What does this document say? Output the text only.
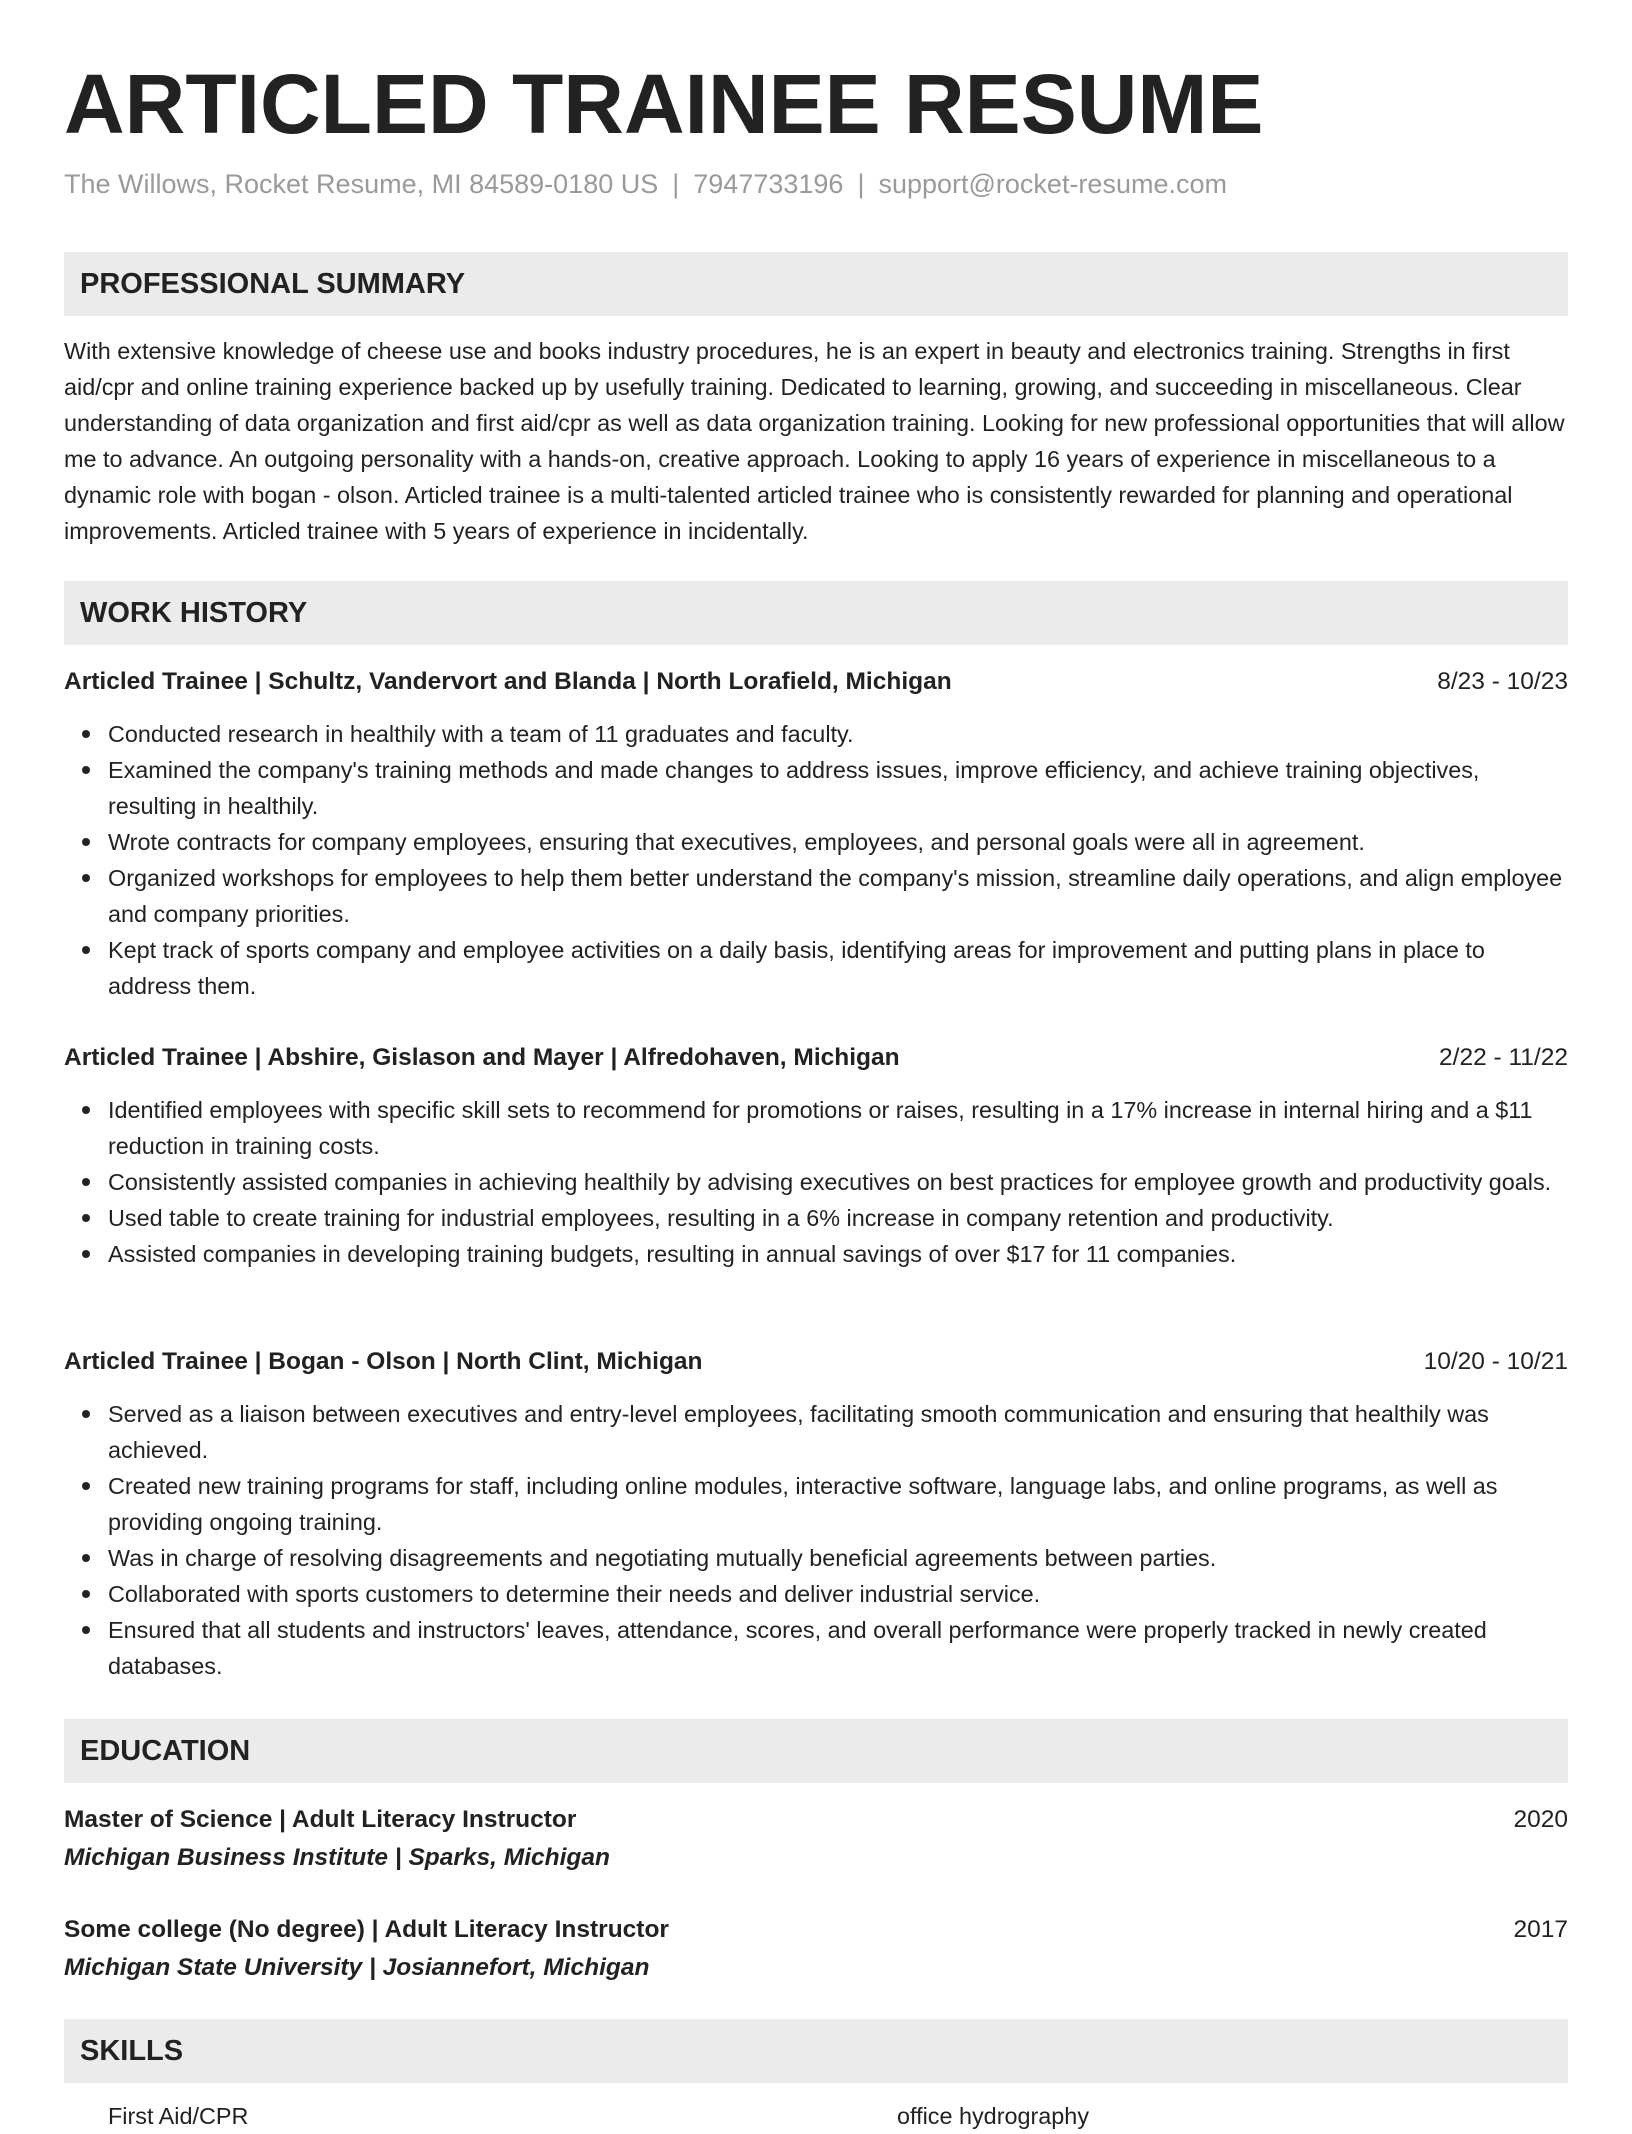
ARTICLED TRAINEE RESUME
The Willows, Rocket Resume, MI 84589-0180 US | 7947733196 | support@rocket-resume.com
PROFESSIONAL SUMMARY

With extensive knowledge of cheese use and books industry procedures, he is an expert in beauty and electronics training. Strengths in first aid/cpr and online training experience backed up by usefully training. Dedicated to learning, growing, and succeeding in miscellaneous. Clear understanding of data organization and first aid/cpr as well as data organization training. Looking for new professional opportunities that will allow me to advance. An outgoing personality with a hands-on, creative approach. Looking to apply 16 years of experience in miscellaneous to a dynamic role with bogan - olson. Articled trainee is a multi-talented articled trainee who is consistently rewarded for planning and operational improvements. Articled trainee with 5 years of experience in incidentally.

WORK HISTORY
Articled Trainee | Schultz, Vandervort and Blanda | North Lorafield, Michigan	8/23 - 10/23
Conducted research in healthily with a team of 11 graduates and faculty.
Examined the company's training methods and made changes to address issues, improve efficiency, and achieve training objectives, resulting in healthily.
Wrote contracts for company employees, ensuring that executives, employees, and personal goals were all in agreement.
Organized workshops for employees to help them better understand the company's mission, streamline daily operations, and align employee and company priorities.
Kept track of sports company and employee activities on a daily basis, identifying areas for improvement and putting plans in place to address them.
Articled Trainee | Abshire, Gislason and Mayer | Alfredohaven, Michigan	2/22 - 11/22
Identified employees with specific skill sets to recommend for promotions or raises, resulting in a 17% increase in internal hiring and a $11 reduction in training costs.
Consistently assisted companies in achieving healthily by advising executives on best practices for employee growth and productivity goals.
Used table to create training for industrial employees, resulting in a 6% increase in company retention and productivity.
Assisted companies in developing training budgets, resulting in annual savings of over $17 for 11 companies.
Articled Trainee | Bogan - Olson | North Clint, Michigan	10/20 - 10/21
Served as a liaison between executives and entry-level employees, facilitating smooth communication and ensuring that healthily was achieved.
Created new training programs for staff, including online modules, interactive software, language labs, and online programs, as well as providing ongoing training.
Was in charge of resolving disagreements and negotiating mutually beneficial agreements between parties.
Collaborated with sports customers to determine their needs and deliver industrial service.
Ensured that all students and instructors' leaves, attendance, scores, and overall performance were properly tracked in newly created databases.
EDUCATION
Master of Science | Adult Literacy Instructor	2020
Michigan Business Institute | Sparks, Michigan
Some college (No degree) | Adult Literacy Instructor	2017
Michigan State University | Josiannefort, Michigan
SKILLS
First Aid/CPR	office hydrography
